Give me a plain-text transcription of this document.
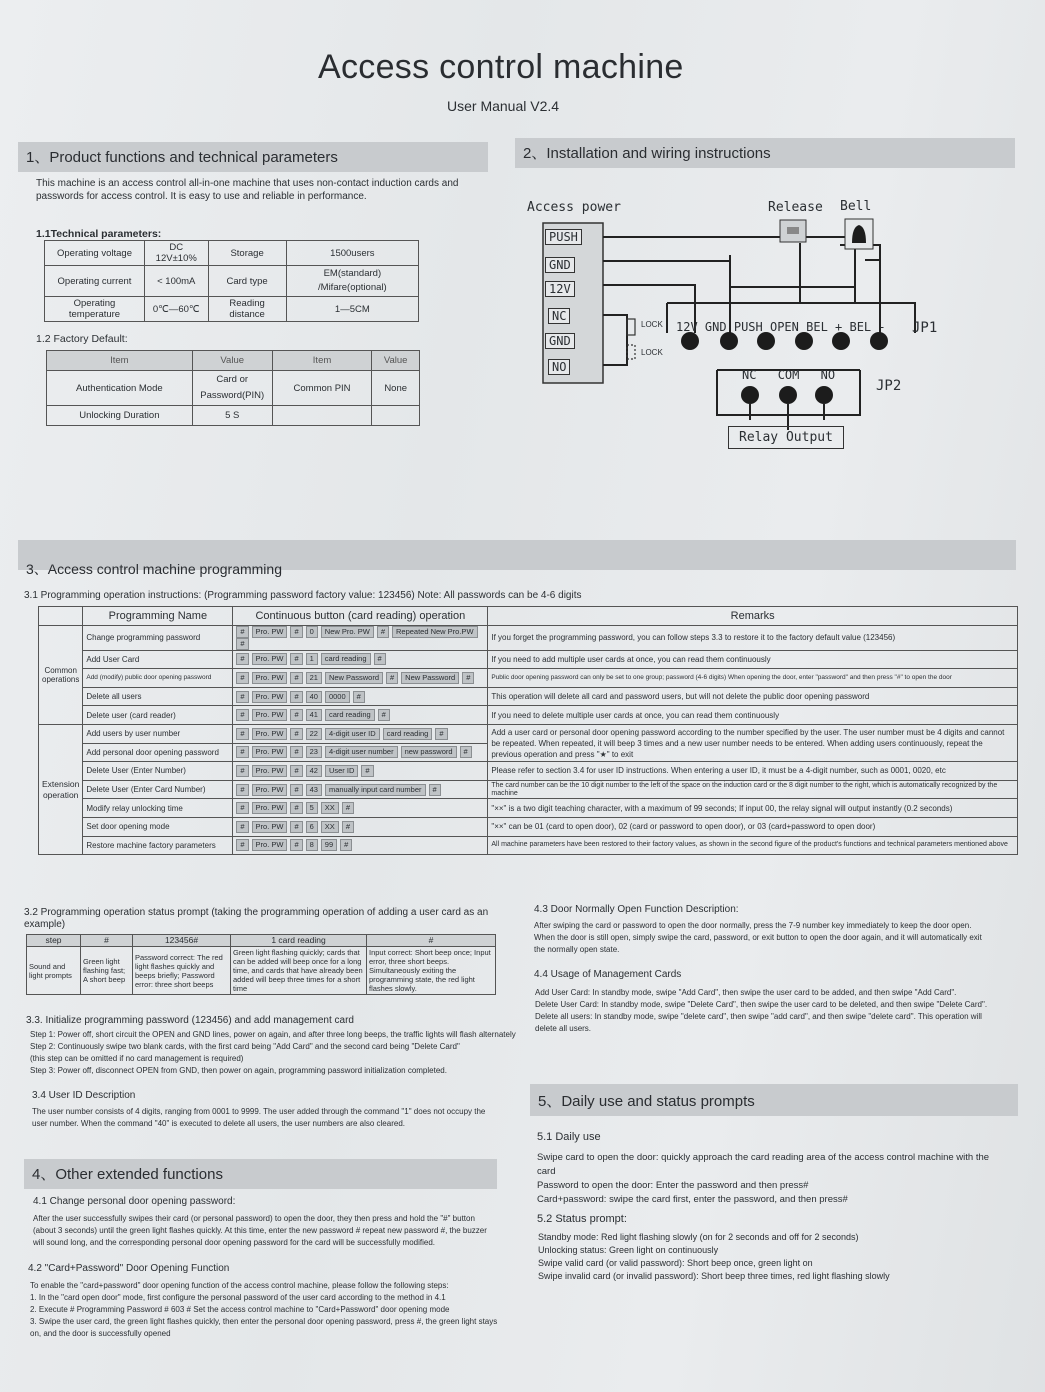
Access control machine
User Manual V2.4
1、Product functions and technical parameters
This machine is an access control all-in-one machine that uses non-contact induction cards and passwords for access control. It is easy to use and reliable in performance.
1.1Technical parameters:
Operating voltage	DC 12V±10%	Storage	1500users
Operating current	< 100mA	Card type	EM(standard) /Mifare(optional)
Operating temperature	0℃—60℃	Reading distance	1—5CM
1.2 Factory Default:
Item	Value	Item	Value
Authentication Mode	Card or Password(PIN)	Common PIN	None
Unlocking Duration	5 S		
2、Installation and wiring instructions
Access power	Release Bell
PUSH
GND
12V
NC
GND
NO
LOCK
LOCK
12V GND PUSH OPEN BEL + BEL - JP1
NC COM NO
JP2
Relay Output
3、Access control machine programming
3.1 Programming operation instructions: (Programming password factory value: 123456) Note: All passwords can be 4-6 digits
	Programming Name	Continuous button (card reading) operation	Remarks
Common operations	Change programming password	# Pro. PW # 0 New Pro. PW # Repeated New Pro.PW#	If you forget the programming password, you can follow steps 3.3 to restore it to the factory default value (123456)
	Add User Card	# Pro. PW # 1 card reading #	If you need to add multiple user cards at once, you can read them continuously
	Add (modify) public door opening password	# Pro. PW # 21 New Password # New Password #	Public door opening password can only be set to one group; password (4-6 digits) When opening the door, enter "password" and then press "#" to open the door
	Delete all users	# Pro. PW # 40 0000 #	This operation will delete all card and password users, but will not delete the public door opening password
	Delete user (card reader)	# Pro. PW # 41 card reading #	If you need to delete multiple user cards at once, you can read them continuously
Extension operation	Add users by user number	# Pro. PW # 22 4-digit user ID card reading #	Add a user card or personal door opening password according to the number specified by the user. The user number must be 4 digits and cannot be repeated. When repeated, it will beep 3 times and a new user number needs to be entered. When adding users continuously, repeat the previous operation and press "★" to exit
	Add personal door opening password	# Pro. PW # 23 4-digit user number new password #	
	Delete User (Enter Number)	# Pro. PW # 42 User ID #	Please refer to section 3.4 for user ID instructions. When entering a user ID, it must be a 4-digit number, such as 0001, 0020, etc
	Delete User (Enter Card Number)	# Pro. PW # 43 manually input card number #	The card number can be the 10 digit number to the left of the space on the induction card or the 8 digit number to the right, which is automatically recognized by the machine
	Modify relay unlocking time	# Pro. PW # 5 XX #	"××" is a two digit teaching character, with a maximum of 99 seconds; If input 00, the relay signal will output instantly (0.2 seconds)
	Set door opening mode	# Pro. PW # 6 XX #	"××" can be 01 (card to open door), 02 (card or password to open door), or 03 (card+password to open door)
	Restore machine factory parameters	# Pro. PW # 8 99 #	All machine parameters have been restored to their factory values, as shown in the second figure of the product's functions and technical parameters mentioned above
3.2 Programming operation status prompt (taking the programming operation of adding a user card as an example)
step	#	123456#	1 card reading	#
Sound and light prompts	Green light flashing fast; A short beep	Password correct: The red light flashes quickly and beeps briefly; Password error: three short beeps	Green light flashing quickly; cards that can be added will beep once for a long time, and cards that have already been added will beep three times for a short time	Input correct: Short beep once; Input error, three short beeps. Simultaneously exiting the programming state, the red light flashes slowly.
3.3. Initialize programming password (123456) and add management card
Step 1: Power off, short circuit the OPEN and GND lines, power on again, and after three long beeps, the traffic lights will flash alternately
Step 2: Continuously swipe two blank cards, with the first card being "Add Card" and the second card being "Delete Card"
(this step can be omitted if no card management is required)
Step 3: Power off, disconnect OPEN from GND, then power on again, programming password initialization completed.
3.4 User ID Description
The user number consists of 4 digits, ranging from 0001 to 9999. The user added through the command "1" does not occupy the user number. When the command "40" is executed to delete all users, the user numbers are also cleared.
4、Other extended functions
4.1 Change personal door opening password:
After the user successfully swipes their card (or personal password) to open the door, they then press and hold the "#" button (about 3 seconds) until the green light flashes quickly. At this time, enter the new password # repeat new password #, the buzzer will sound long, and the corresponding personal door opening password for the card will be successfully modified.
4.2 "Card+Password" Door Opening Function
To enable the "card+password" door opening function of the access control machine, please follow the following steps:
1. In the "card open door" mode, first configure the personal password of the user card according to the method in 4.1
2. Execute # Programming Password # 603 # Set the access control machine to "Card+Password" door opening mode
3. Swipe the user card, the green light flashes quickly, then enter the personal door opening password, press #, the green light stays on, and the door is successfully opened
4.3 Door Normally Open Function Description:
After swiping the card or password to open the door normally, press the 7-9 number key immediately to keep the door open. When the door is still open, simply swipe the card, password, or exit button to open the door again, and it will automatically exit the normally open state.
4.4 Usage of Management Cards
Add User Card: In standby mode, swipe "Add Card", then swipe the user card to be added, and then swipe "Add Card".
Delete User Card: In standby mode, swipe "Delete Card", then swipe the user card to be deleted, and then swipe "Delete Card".
Delete all users: In standby mode, swipe "delete card", then swipe "add card", and then swipe "delete card". This operation will delete all users.
5、Daily use and status prompts
5.1 Daily use
Swipe card to open the door: quickly approach the card reading area of the access control machine with the card
Password to open the door: Enter the password and then press#
Card+password: swipe the card first, enter the password, and then press#
5.2 Status prompt:
Standby mode: Red light flashing slowly (on for 2 seconds and off for 2 seconds)
Unlocking status: Green light on continuously
Swipe valid card (or valid password): Short beep once, green light on
Swipe invalid card (or invalid password): Short beep three times, red light flashing slowly
